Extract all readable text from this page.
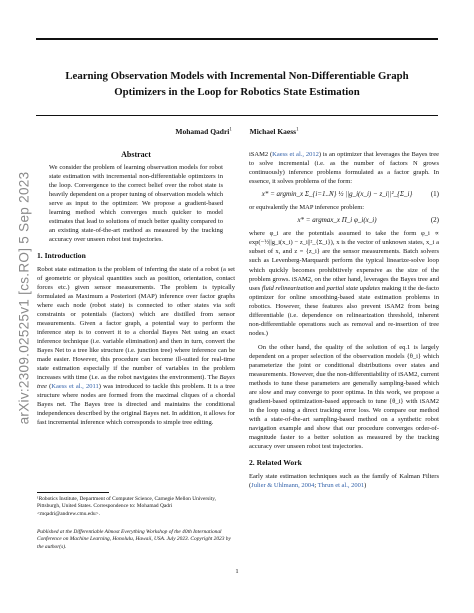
Learning Observation Models with Incremental Non-Differentiable Graph Optimizers in the Loop for Robotics State Estimation
Mohamad Qadri$^1$ Michael Kaess$^1$
arXiv:2309.02525v1 [cs.RO] 5 Sep 2023
Abstract

We consider the problem of learning observation models for robot state estimation with incremental non-differentiable optimizers in the loop. Convergence to the correct belief over the robot state is heavily dependent on a proper tuning of observation models which serve as input to the optimizer. We propose a gradient-based learning method which converges much quicker to model estimates that lead to solutions of much better quality compared to an existing state-of-the-art method as measured by the tracking accuracy over unseen robot test trajectories.

1. Introduction

Robot state estimation is the problem of inferring the state of a robot (a set of geometric or physical quantities such as position, orientation, contact forces etc.) given sensor measurements. The problem is typically formulated as Maximum a Posteriori (MAP) inference over factor graphs where each node (robot state) is connected to other states via soft constraints or potentials (factors) which are distilled from sensor measurements. Given a factor graph, a potential way to perform the inference step is to convert it to a chordal Bayes Net using an exact inference technique (i.e. variable elimination) and then in turn, convert the Bayes Net to a tree like structure (i.e. junction tree) where inference can be made easier. However, this procedure can become ill-suited for real-time state estimation especially if the number of variables in the problem increases with time (i.e. as the robot navigates the environment). The Bayes tree (Kaess et al., 2011) was introduced to tackle this problem. It is a tree structure where nodes are formed from the maximal cliques of a chordal Bayes net. The Bayes tree is directed and maintains the conditional independences described by the original Bayes net. In addition, it allows for fast incremental inference which corresponds to simple tree editing.

¹Robotics Institute, Department of Computer Science, Carnegie Mellon University, Pittsburgh, United States. Correspondence to: Mohamad Qadri <mqadri@andrew.cmu.edu>.
Published at the Differentiable Almost Everything Workshop of the 40th International Conference on Machine Learning, Honolulu, Hawaii, USA. July 2023. Copyright 2023 by the author(s).

iSAM2 (Kaess et al., 2012) is an optimizer that leverages the Bayes tree to solve incremental (i.e. as the number of factors N grows continuously) inference problems formulated as a factor graph. In essence, it solves problems of the form:

x* = argmin_x Σ_{i=1..N} ½ ||g_i(x_i) − z_i||²_{Σ_i}	(1)

or equivalently the MAP inference problem:

x* = argmax_x Π_i φ_i(x_i)	(2)

where φ_i are the potentials assumed to take the form φ_i ∝ exp(−½||g_i(x_i) − z_i||²_{Σ_i}), x is the vector of unknown states, x_i a subset of x, and z = {z_i} are the sensor measurements. Batch solvers such as Levenberg-Marquardt perform the typical linearize-solve loop which quickly becomes prohibitively expensive as the size of the problem grows. iSAM2, on the other hand, leverages the Bayes tree and uses fluid relinearization and partial state updates making it the de-facto optimizer for online smoothing-based state estimation problems in robotics. However, these features also prevent iSAM2 from being differentiable (i.e. dependence on relinearization threshold, inherent non-differentiable operations such as removal and re-insertion of tree nodes.)

On the other hand, the quality of the solution of eq.1 is largely dependent on a proper selection of the observation models {θ_i} which parameterize the joint or conditional distributions over states and measurements. However, due the non-differentiability of iSAM2, current methods to tune these parameters are generally sampling-based which are slow and may converge to poor optima. In this work, we propose a gradient-based optimization-based approach to tune {θ_i} with iSAM2 in the loop using a direct tracking error loss. We compare our method with a state-of-the-art sampling-based method on a synthetic robot navigation example and show that our procedure converges order-of-magnitude faster to a better solution as measured by the tracking accuracy over unseen robot test trajectories.

2. Related Work

Early state estimation techniques such as the family of Kalman Filters (Julier & Uhlmann, 2004; Thrun et al., 2001)

1
